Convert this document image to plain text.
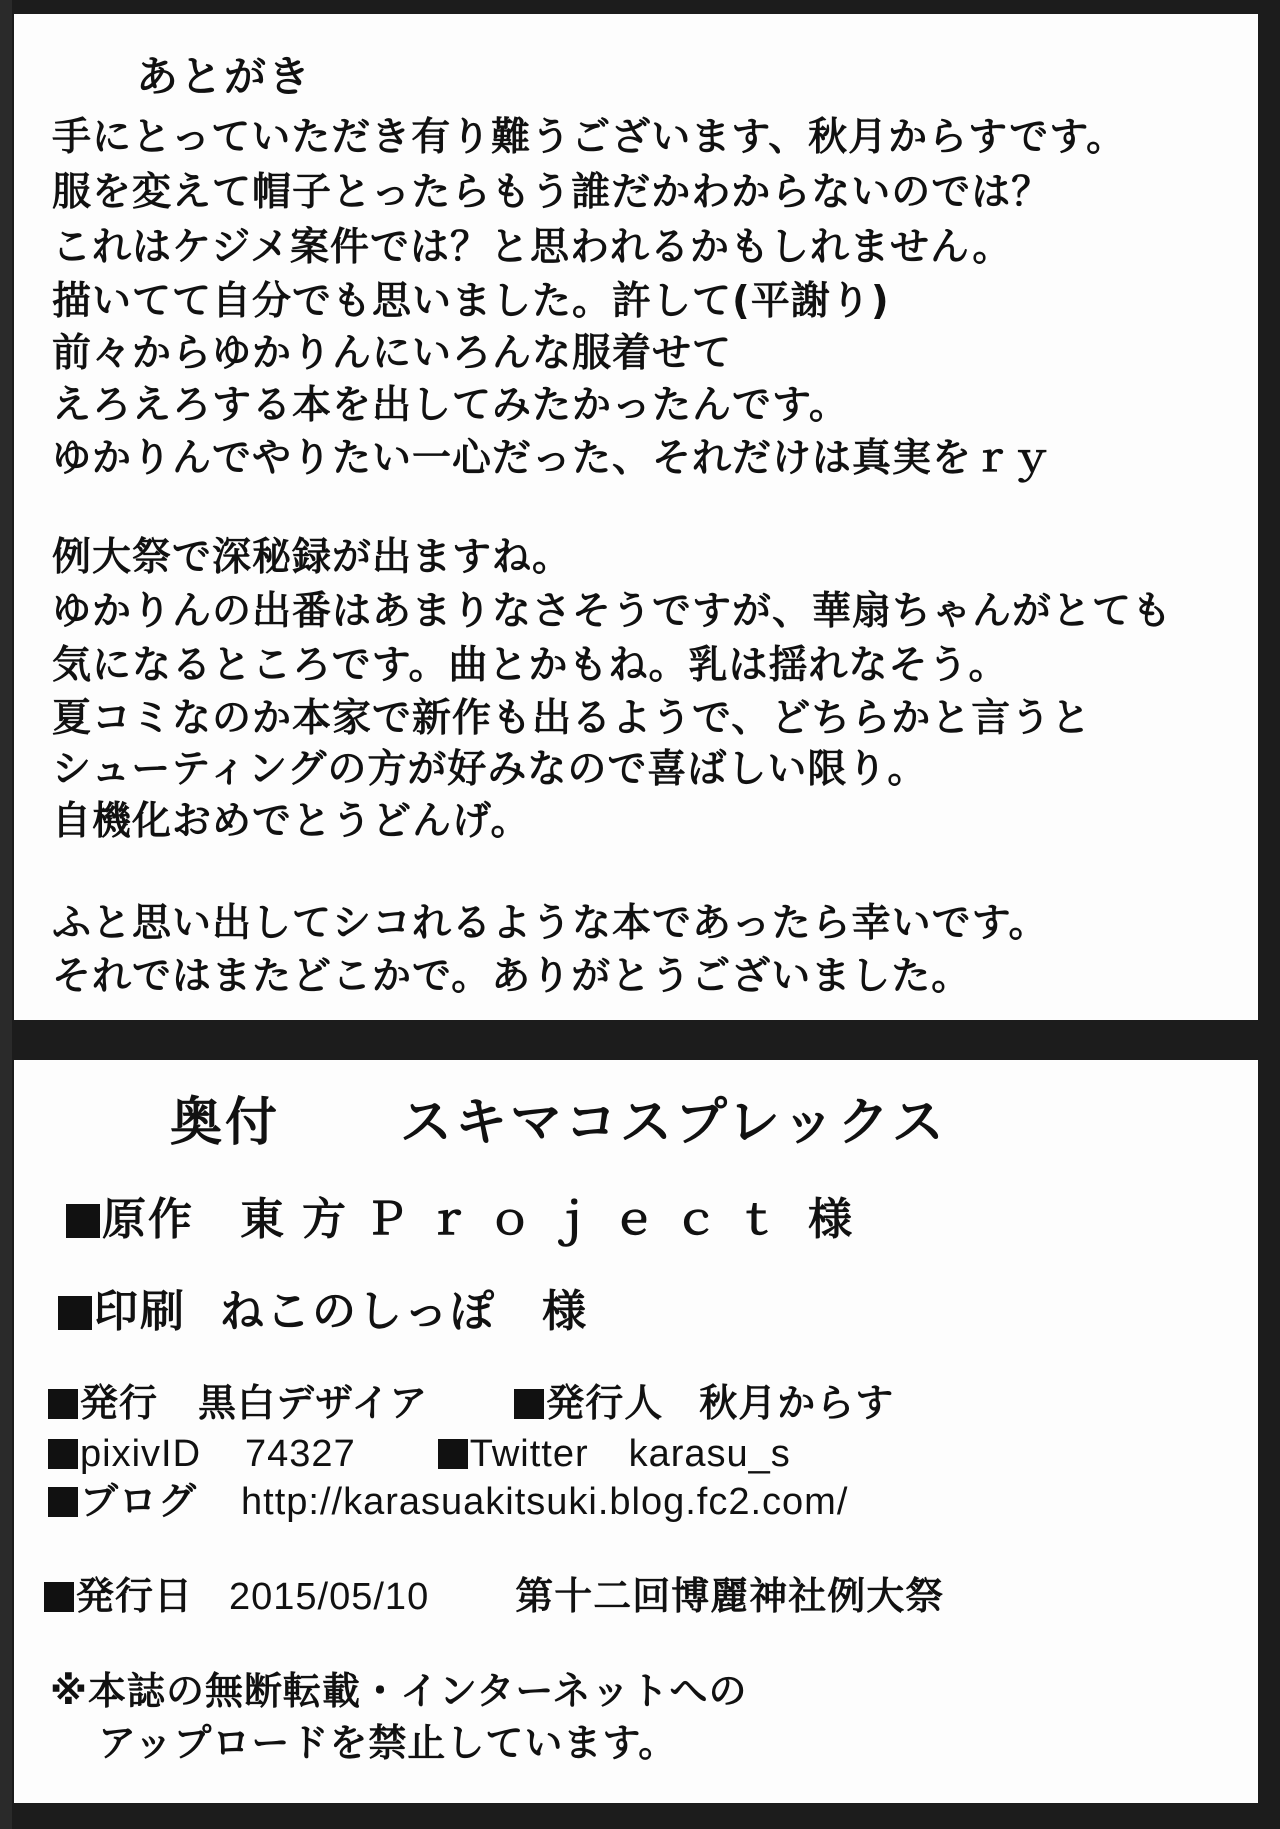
あとがき
手にとっていただき有り難うございます、秋月からすです。
服を変えて帽子とったらもう誰だかわからないのでは？
これはケジメ案件では？と思われるかもしれません。
描いてて自分でも思いました。許して(平謝り)
前々からゆかりんにいろんな服着せて
えろえろする本を出してみたかったんです。
ゆかりんでやりたい一心だった、それだけは真実をｒｙ
例大祭で深秘録が出ますね。
ゆかりんの出番はあまりなさそうですが、華扇ちゃんがとても
気になるところです。曲とかもね。乳は揺れなそう。
夏コミなのか本家で新作も出るようで、どちらかと言うと
シューティングの方が好みなので喜ばしい限り。
自機化おめでとうどんげ。
ふと思い出してシコれるような本であったら幸いです。
それではまたどこかで。ありがとうございました。
奥付 スキマコスプレックス
原作 東方Ｐｒｏｊｅｃｔ 様
印刷 ねこのしっぽ 様
発行 黒白デザイア	発行人 秋月からす
pixivID 74327	Twitter karasu_s
ブログ http://karasuakitsuki.blog.fc2.com/
発行日 2015/05/10 第十二回博麗神社例大祭
※本誌の無断転載・インターネットへの
アップロードを禁止しています。
